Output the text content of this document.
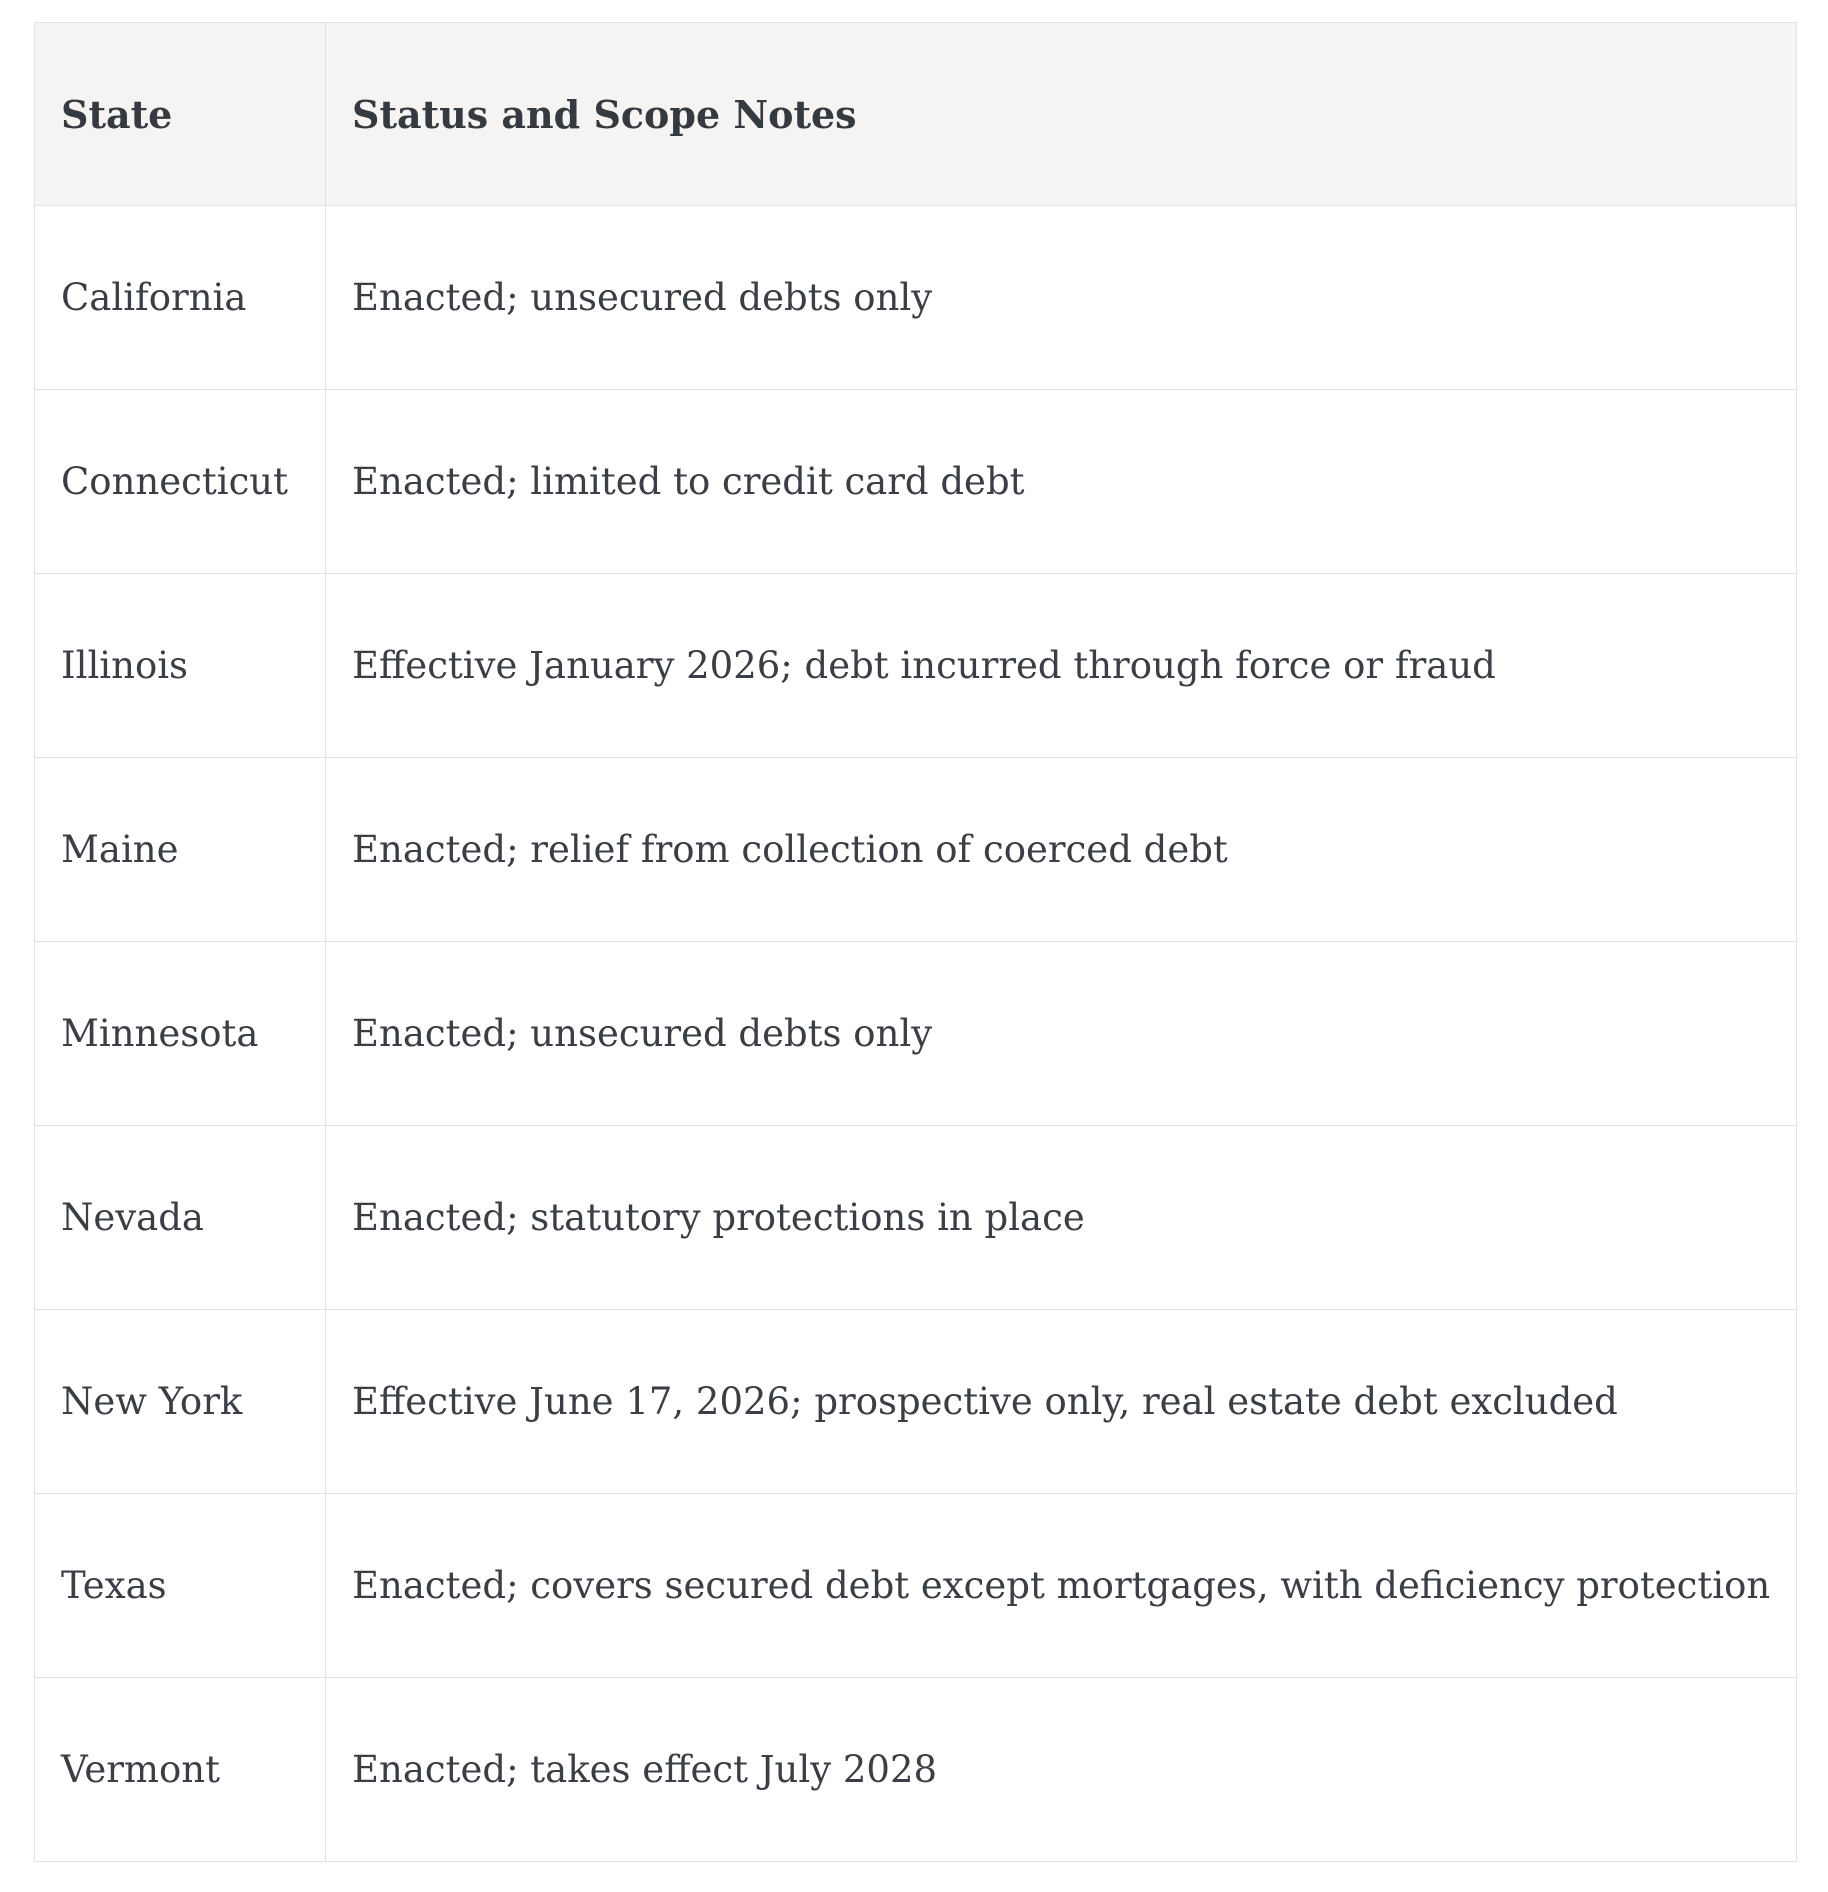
State	Status and Scope Notes
California	Enacted; unsecured debts only
Connecticut	Enacted; limited to credit card debt
Illinois	Effective January 2026; debt incurred through force or fraud
Maine	Enacted; relief from collection of coerced debt
Minnesota	Enacted; unsecured debts only
Nevada	Enacted; statutory protections in place
New York	Effective June 17, 2026; prospective only, real estate debt excluded
Texas	Enacted; covers secured debt except mortgages, with deficiency protection
Vermont	Enacted; takes effect July 2028
